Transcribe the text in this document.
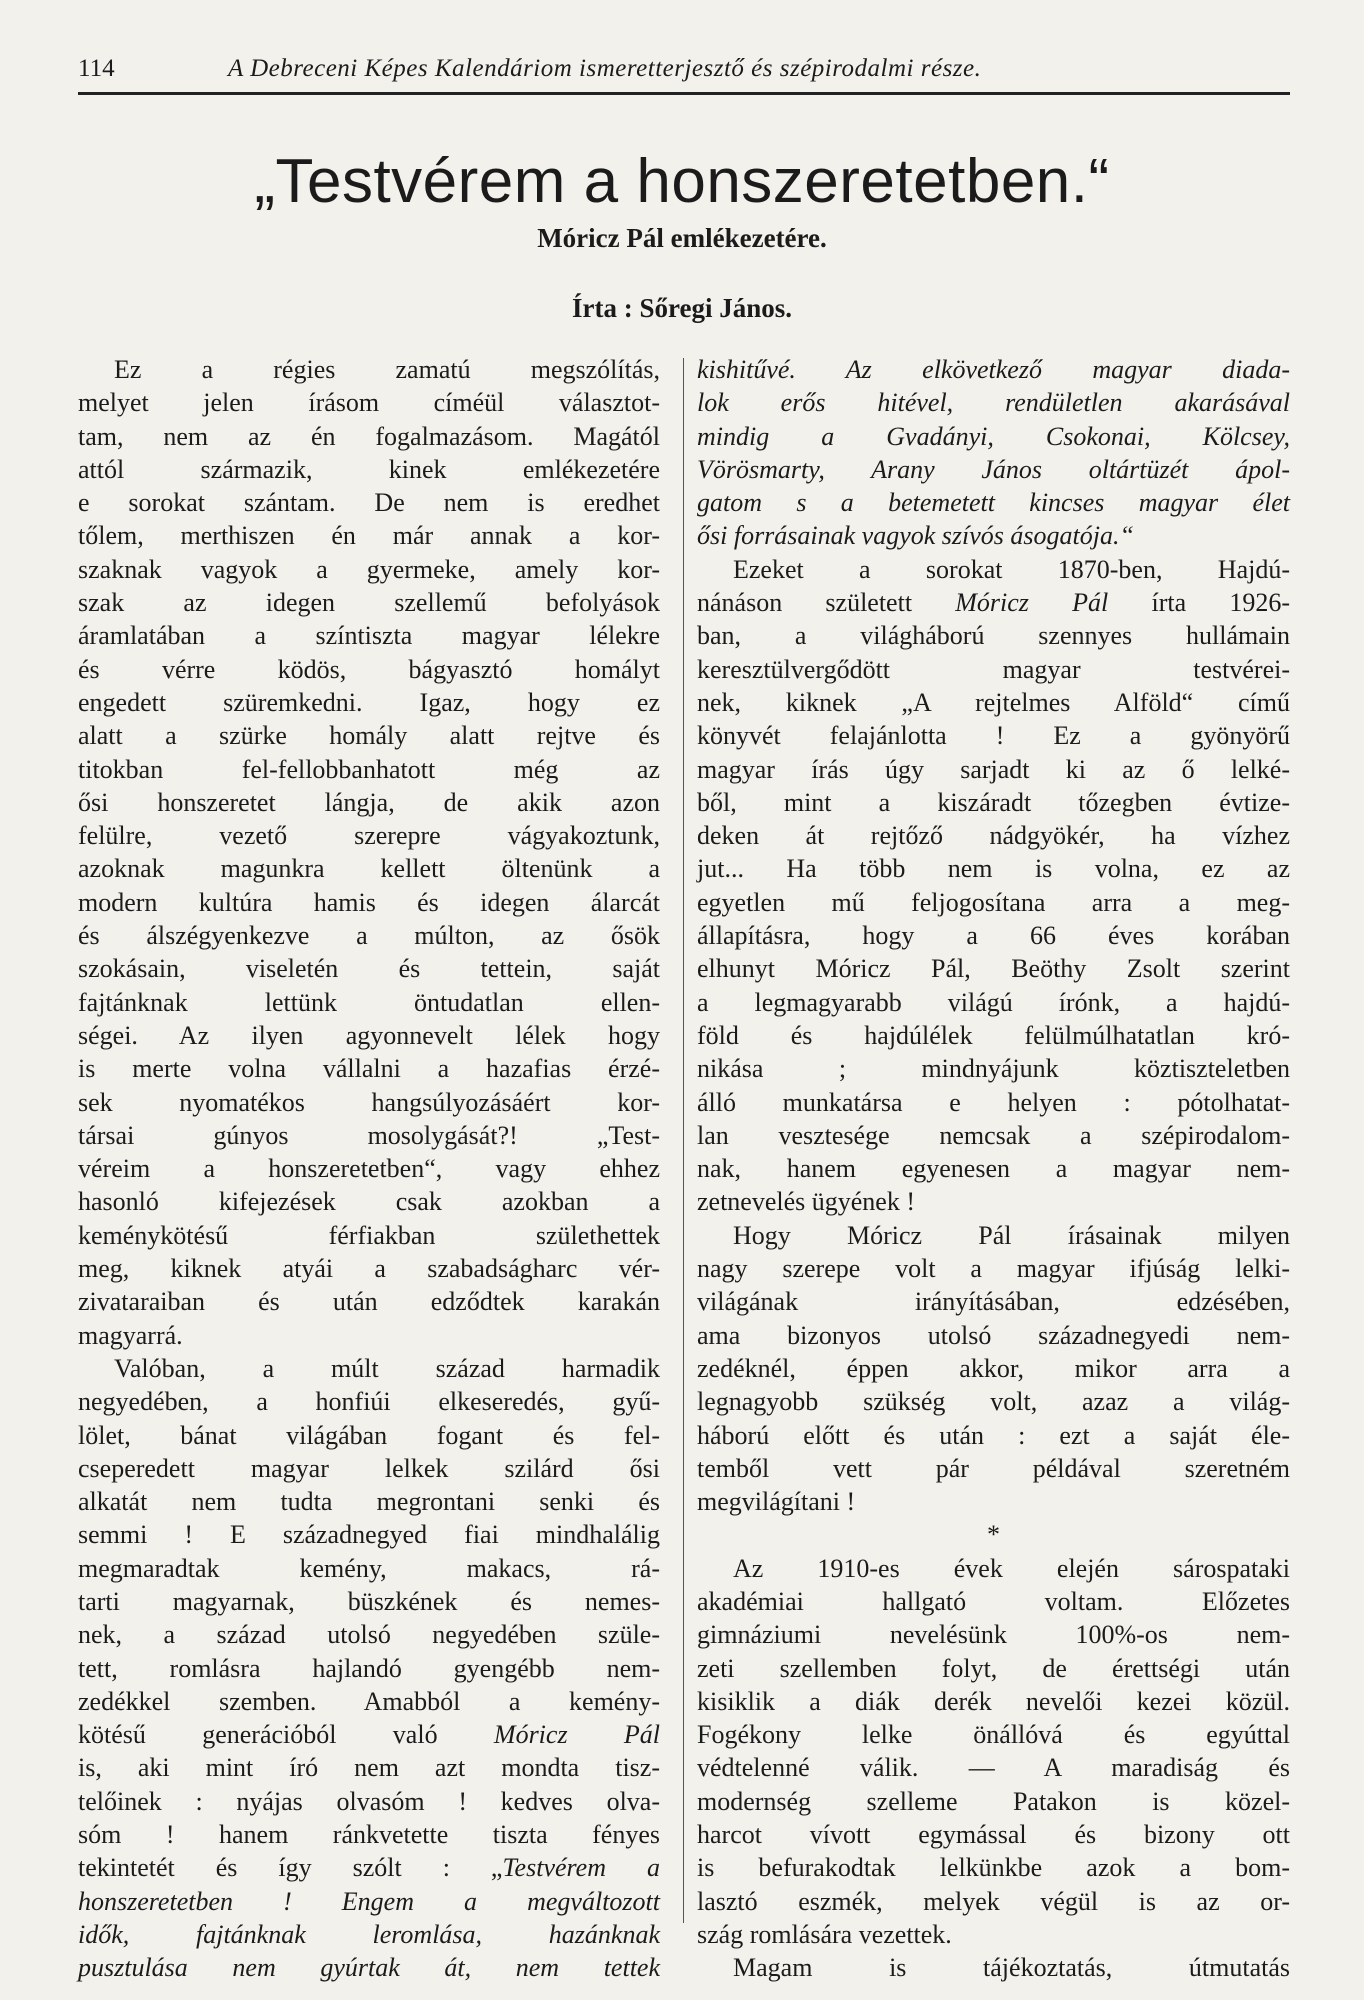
114	A Debreceni Képes Kalendáriom ismeretterjesztő és szépirodalmi része.
„Testvérem a honszeretetben.“
Móricz Pál emlékezetére.
Írta : Sőregi János.
Ez a régies zamatú megszólítás,
melyet jelen írásom címéül választot-
tam, nem az én fogalmazásom. Magától
attól származik, kinek emlékezetére
e sorokat szántam. De nem is eredhet
tőlem, merthiszen én már annak a kor-
szaknak vagyok a gyermeke, amely kor-
szak az idegen szellemű befolyások
áramlatában a színtiszta magyar lélekre
és vérre ködös, bágyasztó homályt
engedett szüremkedni. Igaz, hogy ez
alatt a szürke homály alatt rejtve és
titokban fel-fellobbanhatott még az
ősi honszeretet lángja, de akik azon
felülre, vezető szerepre vágyakoztunk,
azoknak magunkra kellett öltenünk a
modern kultúra hamis és idegen álarcát
és álszégyenkezve a múlton, az ősök
szokásain, viseletén és tettein, saját
fajtánknak lettünk öntudatlan ellen-
ségei. Az ilyen agyonnevelt lélek hogy
is merte volna vállalni a hazafias érzé-
sek nyomatékos hangsúlyozásáért kor-
társai gúnyos mosolygását?! „Test-
véreim a honszeretetben“, vagy ehhez
hasonló kifejezések csak azokban a
keménykötésű férfiakban születhettek
meg, kiknek atyái a szabadságharc vér-
zivataraiban és után edződtek karakán
magyarrá.
Valóban, a múlt század harmadik
negyedében, a honfiúi elkeseredés, gyű-
lölet, bánat világában fogant és fel-
cseperedett magyar lelkek szilárd ősi
alkatát nem tudta megrontani senki és
semmi ! E századnegyed fiai mindhalálig
megmaradtak kemény, makacs, rá-
tarti magyarnak, büszkének és nemes-
nek, a század utolsó negyedében szüle-
tett, romlásra hajlandó gyengébb nem-
zedékkel szemben. Amabból a kemény-
kötésű generációból való Móricz Pál
is, aki mint író nem azt mondta tisz-
telőinek : nyájas olvasóm ! kedves olva-
sóm ! hanem ránkvetette tiszta fényes
tekintetét és így szólt : „Testvérem a
honszeretetben ! Engem a megváltozott
idők, fajtánknak leromlása, hazánknak
pusztulása nem gyúrtak át, nem tettek
kishitűvé. Az elkövetkező magyar diada-
lok erős hitével, rendületlen akarásával
mindig a Gvadányi, Csokonai, Kölcsey,
Vörösmarty, Arany János oltártüzét ápol-
gatom s a betemetett kincses magyar élet
ősi forrásainak vagyok szívós ásogatója.“
Ezeket a sorokat 1870-ben, Hajdú-
nánáson született Móricz Pál írta 1926-
ban, a világháború szennyes hullámain
keresztülvergődött magyar testvérei-
nek, kiknek „A rejtelmes Alföld“ című
könyvét felajánlotta ! Ez a gyönyörű
magyar írás úgy sarjadt ki az ő lelké-
ből, mint a kiszáradt tőzegben évtize-
deken át rejtőző nádgyökér, ha vízhez
jut... Ha több nem is volna, ez az
egyetlen mű feljogosítana arra a meg-
állapításra, hogy a 66 éves korában
elhunyt Móricz Pál, Beöthy Zsolt szerint
a legmagyarabb világú írónk, a hajdú-
föld és hajdúlélek felülmúlhatatlan kró-
nikása ; mindnyájunk köztiszteletben
álló munkatársa e helyen : pótolhatat-
lan vesztesége nemcsak a szépirodalom-
nak, hanem egyenesen a magyar nem-
zetnevelés ügyének !
Hogy Móricz Pál írásainak milyen
nagy szerepe volt a magyar ifjúság lelki-
világának irányításában, edzésében,
ama bizonyos utolsó századnegyedi nem-
zedéknél, éppen akkor, mikor arra a
legnagyobb szükség volt, azaz a világ-
háború előtt és után : ezt a saját éle-
temből vett pár példával szeretném
megvilágítani !
*
Az 1910-es évek elején sárospataki
akadémiai hallgató voltam. Előzetes
gimnáziumi nevelésünk 100%-os nem-
zeti szellemben folyt, de érettségi után
kisiklik a diák derék nevelői kezei közül.
Fogékony lelke önállóvá és egyúttal
védtelenné válik. — A maradiság és
modernség szelleme Patakon is közel-
harcot vívott egymással és bizony ott
is befurakodtak lelkünkbe azok a bom-
lasztó eszmék, melyek végül is az or-
szág romlására vezettek.
Magam is tájékoztatás, útmutatás
